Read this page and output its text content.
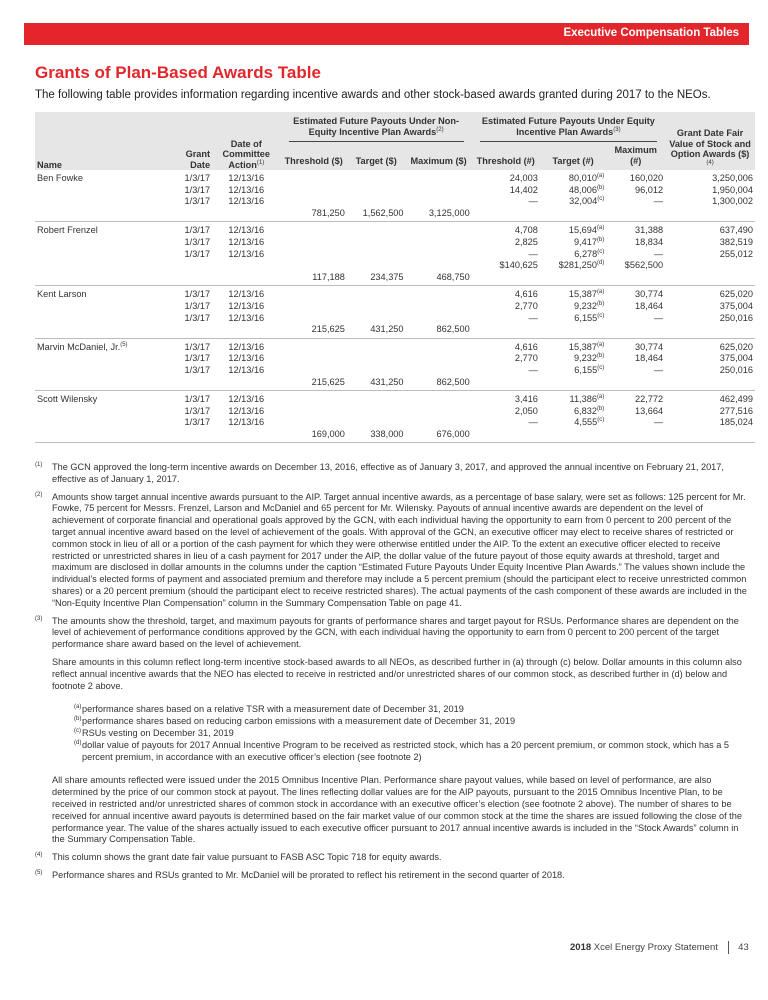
Executive Compensation Tables
Grants of Plan-Based Awards Table
The following table provides information regarding incentive awards and other stock-based awards granted during 2017 to the NEOs.
Name	Grant Date	Date of Committee Action$^{(1)}$	Estimated Future Payouts Under Non-Equity Incentive Plan Awards$^{(2)}$			Estimated Future Payouts Under Equity Incentive Plan Awards$^{(3)}$			Grant Date Fair Value of Stock and Option Awards ($)$^{(4)}$
			Threshold ($)	Target ($)	Maximum ($)	Threshold (#)	Target (#)	Maximum (#)	

Ben Fowke	1/3/17	12/13/16				24,003	80,010$^{(a)}$	160,020	3,250,006
	1/3/17	12/13/16				14,402	48,006$^{(b)}$	96,012	1,950,004
	1/3/17	12/13/16				—	32,004$^{(c)}$	—	1,300,002
			781,250	1,562,500	3,125,000				
Robert Frenzel	1/3/17	12/13/16				4,708	15,694$^{(a)}$	31,388	637,490
	1/3/17	12/13/16				2,825	9,417$^{(b)}$	18,834	382,519
	1/3/17	12/13/16				—	6,278$^{(c)}$	—	255,012
						$140,625	$281,250$^{(d)}$	$562,500	
			117,188	234,375	468,750				
Kent Larson	1/3/17	12/13/16				4,616	15,387$^{(a)}$	30,774	625,020
	1/3/17	12/13/16				2,770	9,232$^{(b)}$	18,464	375,004
	1/3/17	12/13/16				—	6,155$^{(c)}$	—	250,016
			215,625	431,250	862,500				
Marvin McDaniel, Jr.$^{(5)}$	1/3/17	12/13/16				4,616	15,387$^{(a)}$	30,774	625,020
	1/3/17	12/13/16				2,770	9,232$^{(b)}$	18,464	375,004
	1/3/17	12/13/16				—	6,155$^{(c)}$	—	250,016
			215,625	431,250	862,500				
Scott Wilensky	1/3/17	12/13/16				3,416	11,386$^{(a)}$	22,772	462,499
	1/3/17	12/13/16				2,050	6,832$^{(b)}$	13,664	277,516
	1/3/17	12/13/16				—	4,555$^{(c)}$	—	185,024
			169,000	338,000	676,000				
(1) The GCN approved the long-term incentive awards on December 13, 2016, effective as of January 3, 2017, and approved the annual incentive on February 21, 2017, effective as of January 1, 2017.

(2) Amounts show target annual incentive awards pursuant to the AIP. Target annual incentive awards, as a percentage of base salary, were set as follows: 125 percent for Mr. Fowke, 75 percent for Messrs. Frenzel, Larson and McDaniel and 65 percent for Mr. Wilensky. Payouts of annual incentive awards are dependent on the level of achievement of corporate financial and operational goals approved by the GCN, with each individual having the opportunity to earn from 0 percent to 200 percent of the target annual incentive award based on the level of achievement of the goals. With approval of the GCN, an executive officer may elect to receive shares of restricted or common stock in lieu of all or a portion of the cash payment for which they were otherwise entitled under the AIP. To the extent an executive officer elected to receive restricted or unrestricted shares in lieu of a cash payment for 2017 under the AIP, the dollar value of the future payout of those equity awards at threshold, target and maximum are disclosed in dollar amounts in the columns under the caption “Estimated Future Payouts Under Equity Incentive Plan Awards.” The values shown include the individual’s elected forms of payment and associated premium and therefore may include a 5 percent premium (should the participant elect to receive unrestricted common shares) or a 20 percent premium (should the participant elect to receive restricted shares). The actual payments of the cash component of these awards are included in the “Non-Equity Incentive Plan Compensation” column in the Summary Compensation Table on page 41.

(3) The amounts show the threshold, target, and maximum payouts for grants of performance shares and target payout for RSUs. Performance shares are dependent on the level of achievement of performance conditions approved by the GCN, with each individual having the opportunity to earn from 0 percent to 200 percent of the target performance share award based on the level of achievement.

Share amounts in this column reflect long-term incentive stock-based awards to all NEOs, as described further in (a) through (c) below. Dollar amounts in this column also reflect annual incentive awards that the NEO has elected to receive in restricted and/or unrestricted shares of our common stock, as described further in (d) below and footnote 2 above.

(a) performance shares based on a relative TSR with a measurement date of December 31, 2019
(b) performance shares based on reducing carbon emissions with a measurement date of December 31, 2019
(c) RSUs vesting on December 31, 2019
(d) dollar value of payouts for 2017 Annual Incentive Program to be received as restricted stock, which has a 20 percent premium, or common stock, which has a 5 percent premium, in accordance with an executive officer’s election (see footnote 2)

All share amounts reflected were issued under the 2015 Omnibus Incentive Plan. Performance share payout values, while based on level of performance, are also determined by the price of our common stock at payout. The lines reflecting dollar values are for the AIP payouts, pursuant to the 2015 Omnibus Incentive Plan, to be received in restricted and/or unrestricted shares of common stock in accordance with an executive officer’s election (see footnote 2 above). The number of shares to be received for annual incentive award payouts is determined based on the fair market value of our common stock at the time the shares are issued following the close of the performance year. The value of the shares actually issued to each executive officer pursuant to 2017 annual incentive awards is included in the “Stock Awards” column in the Summary Compensation Table.

(4) This column shows the grant date fair value pursuant to FASB ASC Topic 718 for equity awards.

(5) Performance shares and RSUs granted to Mr. McDaniel will be prorated to reflect his retirement in the second quarter of 2018.

2018 Xcel Energy Proxy Statement 43
